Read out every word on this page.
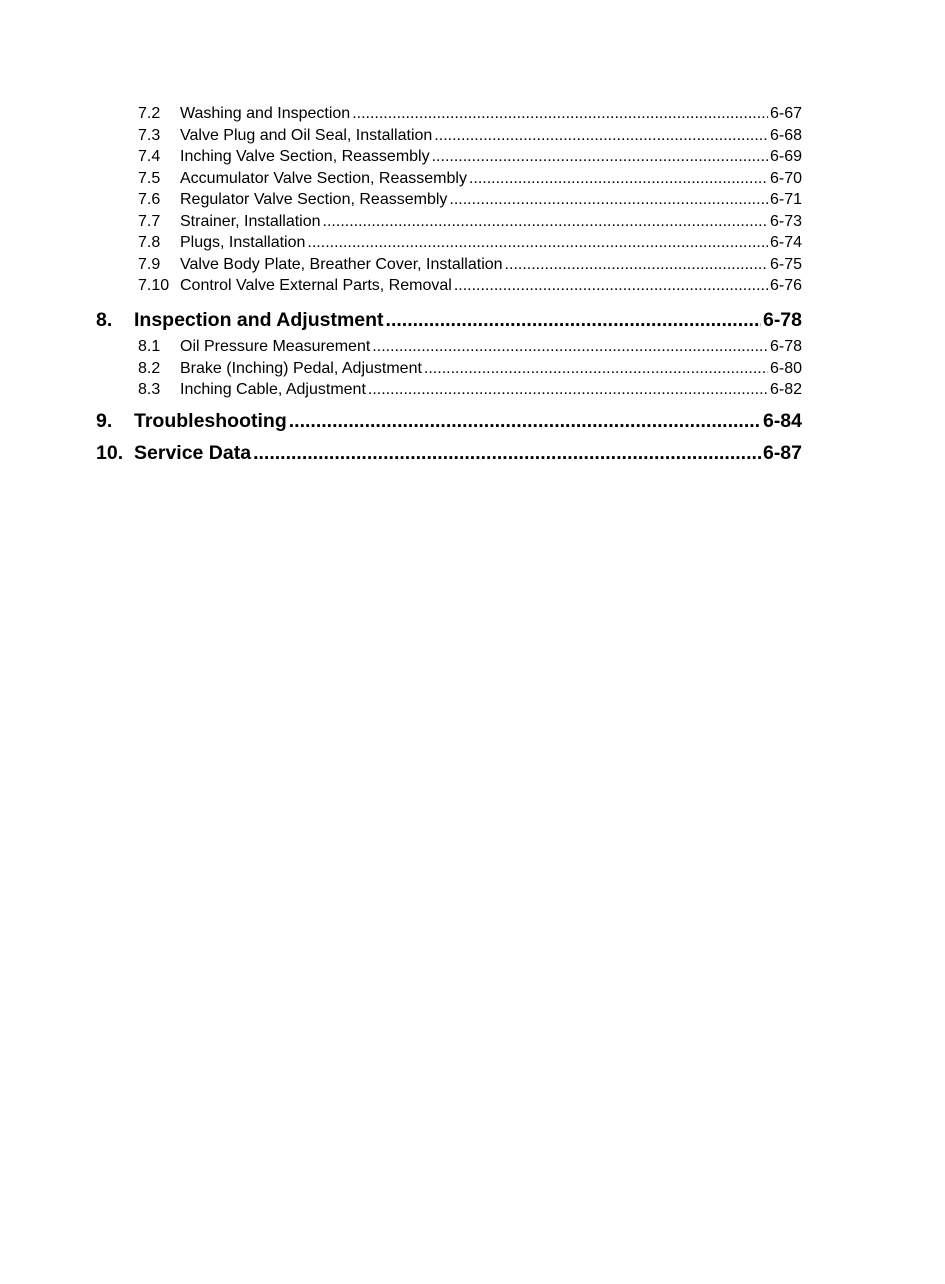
7.2	Washing and Inspection .....	6-67
7.3	Valve Plug and Oil Seal, Installation .....	6-68
7.4	Inching Valve Section, Reassembly .....	6-69
7.5	Accumulator Valve Section, Reassembly .....	6-70
7.6	Regulator Valve Section, Reassembly .....	6-71
7.7	Strainer, Installation .....	6-73
7.8	Plugs, Installation .....	6-74
7.9	Valve Body Plate, Breather Cover, Installation .....	6-75
7.10 Control Valve External Parts, Removal .....	6-76
8.	Inspection and Adjustment .....	6-78
8.1	Oil Pressure Measurement .....	6-78
8.2	Brake (Inching) Pedal, Adjustment .....	6-80
8.3	Inching Cable, Adjustment .....	6-82
9.	Troubleshooting .....	6-84
10. Service Data .....	6-87
